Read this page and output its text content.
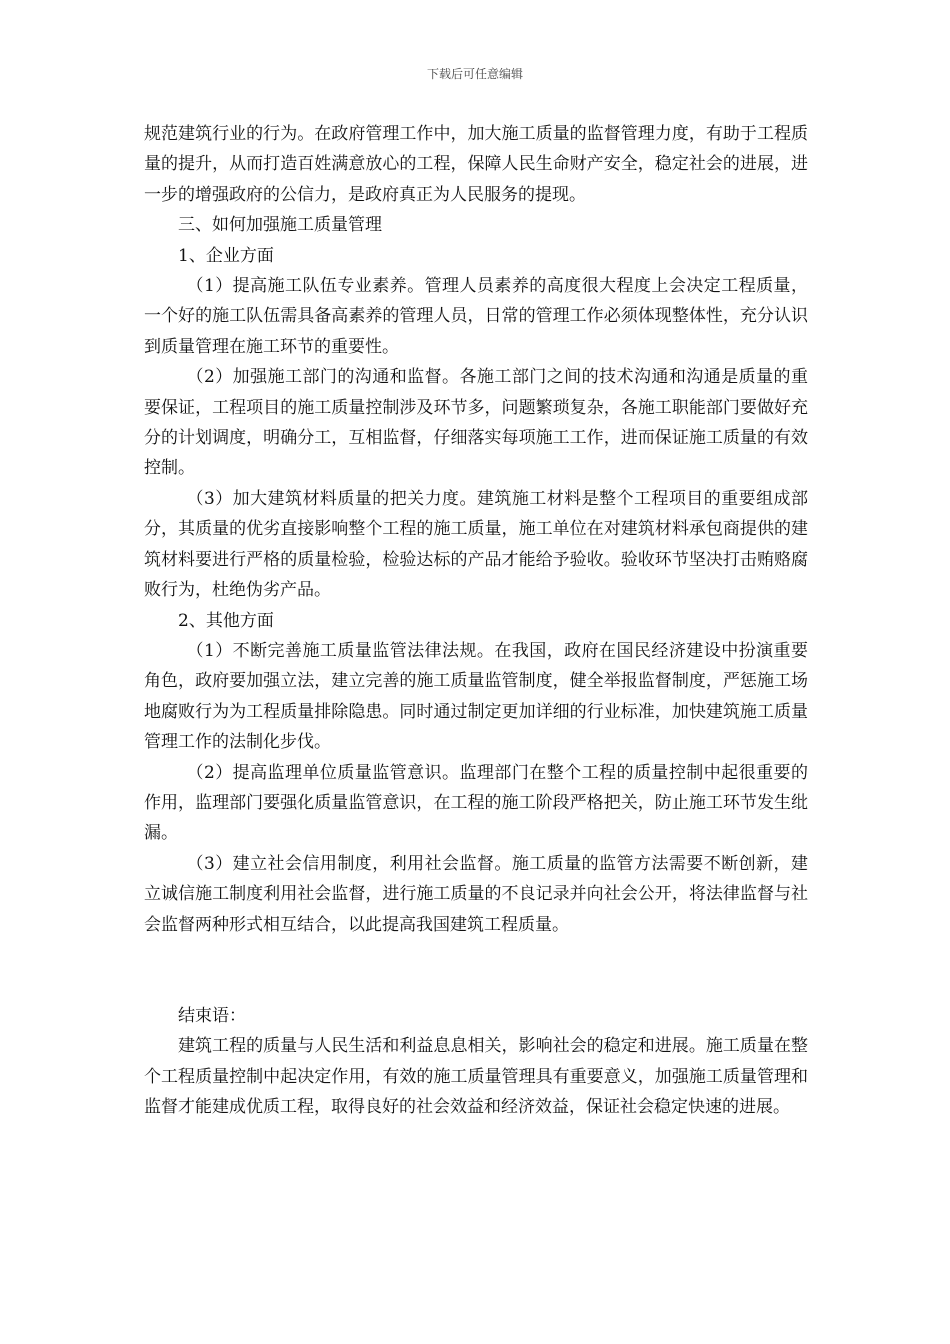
下载后可任意编辑

规范建筑行业的行为。在政府管理工作中，加大施工质量的监督管理力度，有助于工程质量的提升，从而打造百姓满意放心的工程，保障人民生命财产安全，稳定社会的进展，进一步的增强政府的公信力，是政府真正为人民服务的提现。

三、如何加强施工质量管理

1、企业方面

（1）提高施工队伍专业素养。管理人员素养的高度很大程度上会决定工程质量，一个好的施工队伍需具备高素养的管理人员，日常的管理工作必须体现整体性，充分认识到质量管理在施工环节的重要性。

（2）加强施工部门的沟通和监督。各施工部门之间的技术沟通和沟通是质量的重要保证，工程项目的施工质量控制涉及环节多，问题繁琐复杂，各施工职能部门要做好充分的计划调度，明确分工，互相监督，仔细落实每项施工工作，进而保证施工质量的有效控制。

（3）加大建筑材料质量的把关力度。建筑施工材料是整个工程项目的重要组成部分，其质量的优劣直接影响整个工程的施工质量，施工单位在对建筑材料承包商提供的建筑材料要进行严格的质量检验，检验达标的产品才能给予验收。验收环节坚决打击贿赂腐败行为，杜绝伪劣产品。

2、其他方面

（1）不断完善施工质量监管法律法规。在我国，政府在国民经济建设中扮演重要角色，政府要加强立法，建立完善的施工质量监管制度，健全举报监督制度，严惩施工场地腐败行为为工程质量排除隐患。同时通过制定更加详细的行业标准，加快建筑施工质量管理工作的法制化步伐。

（2）提高监理单位质量监管意识。监理部门在整个工程的质量控制中起很重要的作用，监理部门要强化质量监管意识，在工程的施工阶段严格把关，防止施工环节发生纰漏。

（3）建立社会信用制度，利用社会监督。施工质量的监管方法需要不断创新，建立诚信施工制度利用社会监督，进行施工质量的不良记录并向社会公开，将法律监督与社会监督两种形式相互结合，以此提高我国建筑工程质量。

结束语：

建筑工程的质量与人民生活和利益息息相关，影响社会的稳定和进展。施工质量在整个工程质量控制中起决定作用，有效的施工质量管理具有重要意义，加强施工质量管理和监督才能建成优质工程，取得良好的社会效益和经济效益，保证社会稳定快速的进展。
